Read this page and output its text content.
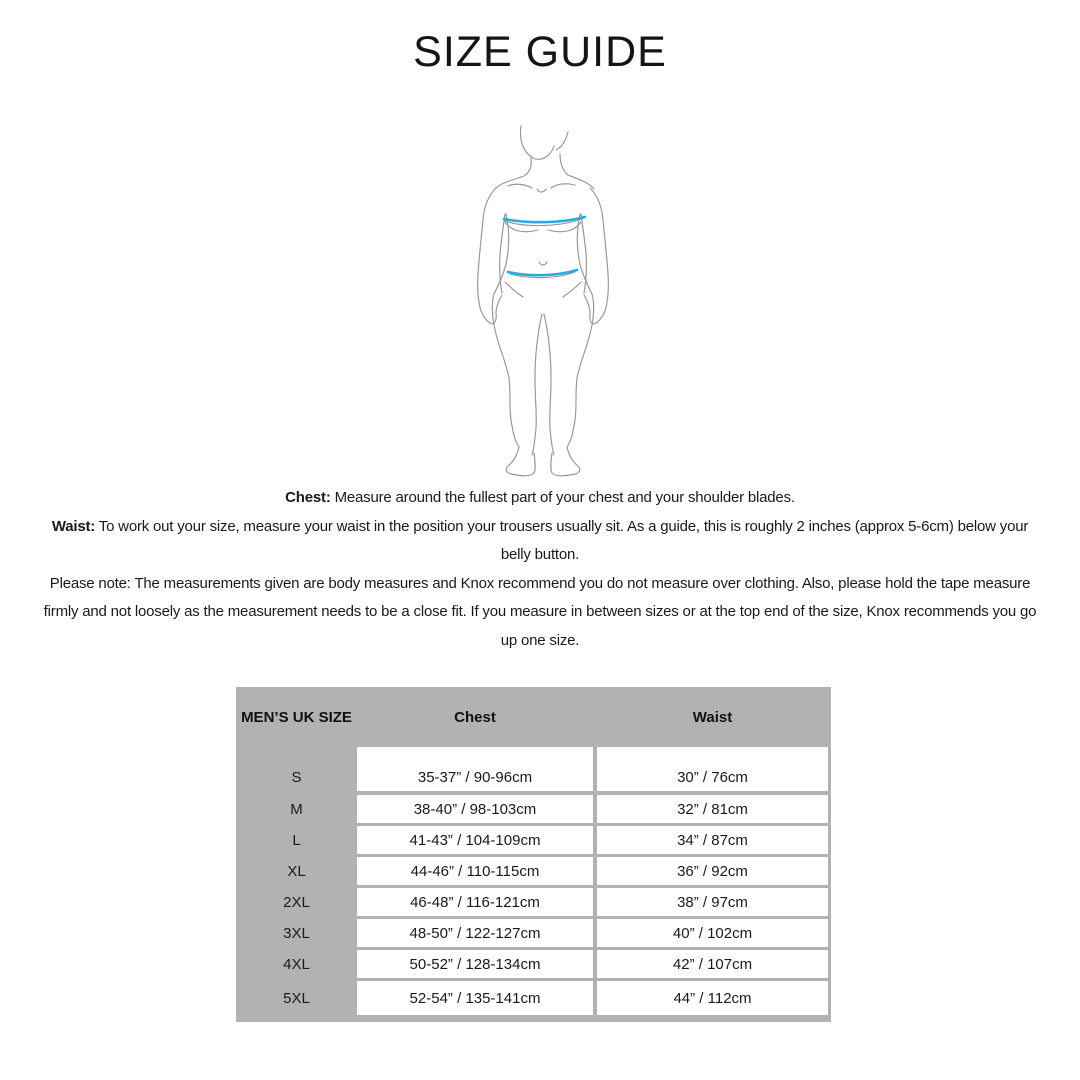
SIZE GUIDE
Chest: Measure around the fullest part of your chest and your shoulder blades.
Waist: To work out your size, measure your waist in the position your trousers usually sit. As a guide, this is roughly 2 inches (approx 5-6cm) below your belly button.
Please note: The measurements given are body measures and Knox recommend you do not measure over clothing. Also, please hold the tape measure firmly and not loosely as the measurement needs to be a close fit. If you measure in between sizes or at the top end of the size, Knox recommends you go up one size.
MEN’S UK SIZE	Chest	Waist
S	35-37” / 90-96cm	30” / 76cm
M	38-40” / 98-103cm	32” / 81cm
L	41-43” / 104-109cm	34” / 87cm
XL	44-46” / 110-115cm	36” / 92cm
2XL	46-48” / 116-121cm	38” / 97cm
3XL	48-50” / 122-127cm	40” / 102cm
4XL	50-52” / 128-134cm	42” / 107cm
5XL	52-54” / 135-141cm	44” / 112cm
